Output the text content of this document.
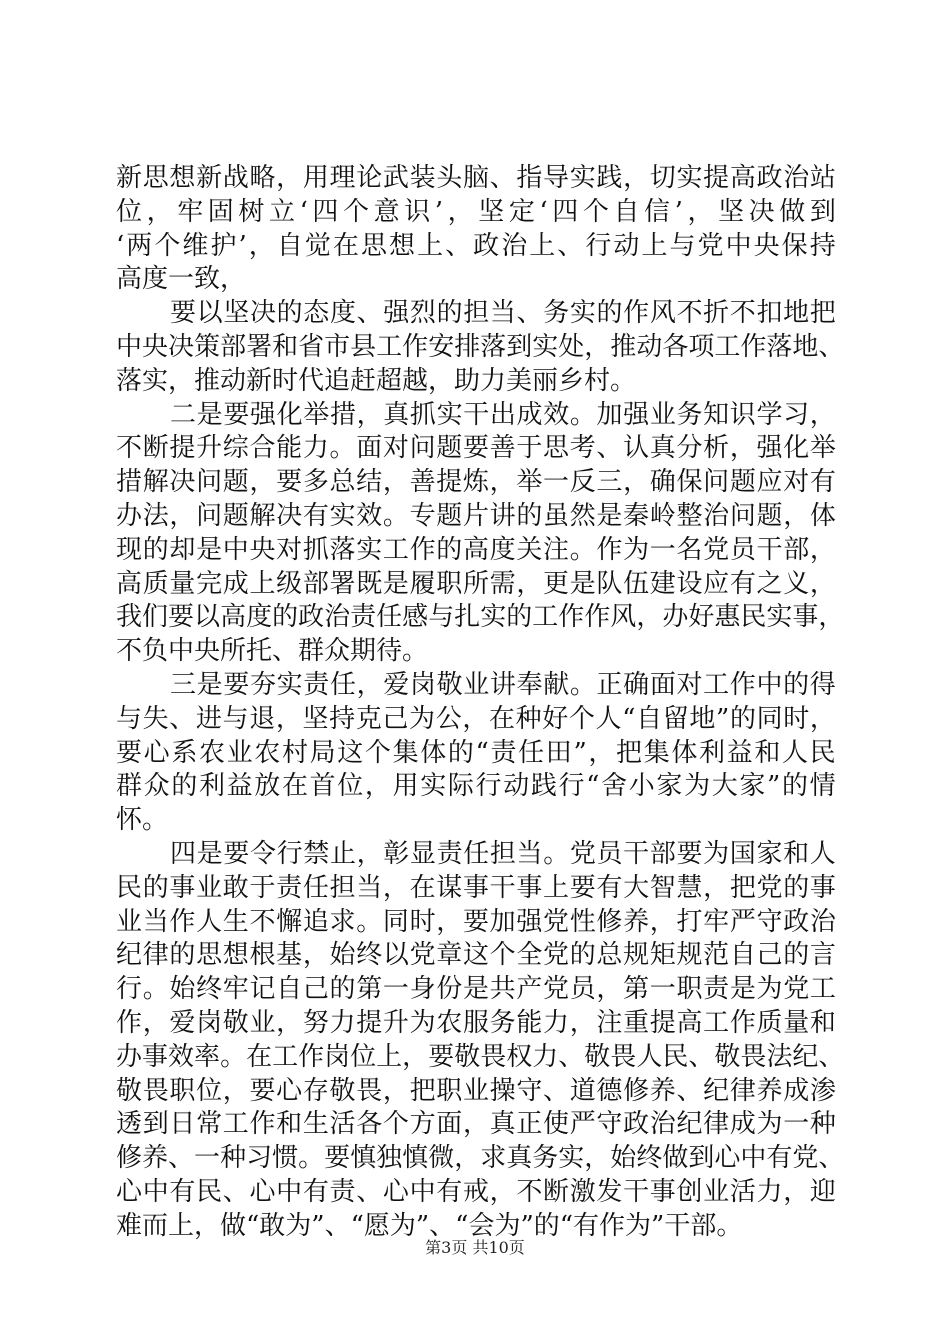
新 思 想 新 战 略 ， 用 理 论 武 装 头 脑 、 指 导 实 践 ， 切 实 提 高 政 治 站
位 ， 牢 固 树 立 ‘ 四 个 意 识 ’ ， 坚 定 ‘ 四 个 自 信 ’ ， 坚 决 做 到
‘ 两 个 维 护 ’ ， 自 觉 在 思 想 上 、 政 治 上 、 行 动 上 与 党 中 央 保 持
高度一致，
要 以 坚 决 的 态 度 、 强 烈 的 担 当 、 务 实 的 作 风 不 折 不 扣 地 把
中 央 决 策 部 署 和 省 市 县 工 作 安 排 落 到 实 处 ， 推 动 各 项 工 作 落 地 、
落实，推动新时代追赶超越，助力美丽乡村。
二 是 要 强 化 举 措 ， 真 抓 实 干 出 成 效 。 加 强 业 务 知 识 学 习 ，
不 断 提 升 综 合 能 力 。 面 对 问 题 要 善 于 思 考 、 认 真 分 析 ， 强 化 举
措 解 决 问 题 ， 要 多 总 结 ， 善 提 炼 ， 举 一 反 三 ， 确 保 问 题 应 对 有
办 法 ， 问 题 解 决 有 实 效 。 专 题 片 讲 的 虽 然 是 秦 岭 整 治 问 题 ， 体
现 的 却 是 中 央 对 抓 落 实 工 作 的 高 度 关 注 。 作 为 一 名 党 员 干 部 ，
高 质 量 完 成 上 级 部 署 既 是 履 职 所 需 ， 更 是 队 伍 建 设 应 有 之 义 ，
我 们 要 以 高 度 的 政 治 责 任 感 与 扎 实 的 工 作 作 风 ， 办 好 惠 民 实 事 ，
不负中央所托、群众期待。
三 是 要 夯 实 责 任 ， 爱 岗 敬 业 讲 奉 献 。 正 确 面 对 工 作 中 的 得
与 失 、 进 与 退 ， 坚 持 克 己 为 公 ， 在 种 好 个 人 “ 自 留 地 ” 的 同 时 ，
要 心 系 农 业 农 村 局 这 个 集 体 的 “ 责 任 田 ” ， 把 集 体 利 益 和 人 民
群 众 的 利 益 放 在 首 位 ， 用 实 际 行 动 践 行 “ 舍 小 家 为 大 家 ” 的 情
怀。
四 是 要 令 行 禁 止 ， 彰 显 责 任 担 当 。 党 员 干 部 要 为 国 家 和 人
民 的 事 业 敢 于 责 任 担 当 ， 在 谋 事 干 事 上 要 有 大 智 慧 ， 把 党 的 事
业 当 作 人 生 不 懈 追 求 。 同 时 ， 要 加 强 党 性 修 养 ， 打 牢 严 守 政 治
纪 律 的 思 想 根 基 ， 始 终 以 党 章 这 个 全 党 的 总 规 矩 规 范 自 己 的 言
行 。 始 终 牢 记 自 己 的 第 一 身 份 是 共 产 党 员 ， 第 一 职 责 是 为 党 工
作 ， 爱 岗 敬 业 ， 努 力 提 升 为 农 服 务 能 力 ， 注 重 提 高 工 作 质 量 和
办 事 效 率 。 在 工 作 岗 位 上 ， 要 敬 畏 权 力 、 敬 畏 人 民 、 敬 畏 法 纪 、
敬 畏 职 位 ， 要 心 存 敬 畏 ， 把 职 业 操 守 、 道 德 修 养 、 纪 律 养 成 渗
透 到 日 常 工 作 和 生 活 各 个 方 面 ， 真 正 使 严 守 政 治 纪 律 成 为 一 种
修 养 、 一 种 习 惯 。 要 慎 独 慎 微 ， 求 真 务 实 ， 始 终 做 到 心 中 有 党 、
心 中 有 民 、 心 中 有 责 、 心 中 有 戒 ， 不 断 激 发 干 事 创 业 活 力 ， 迎
难而上，做“敢为”、“愿为”、“会为”的“有作为”干部。
第3页 共10页
